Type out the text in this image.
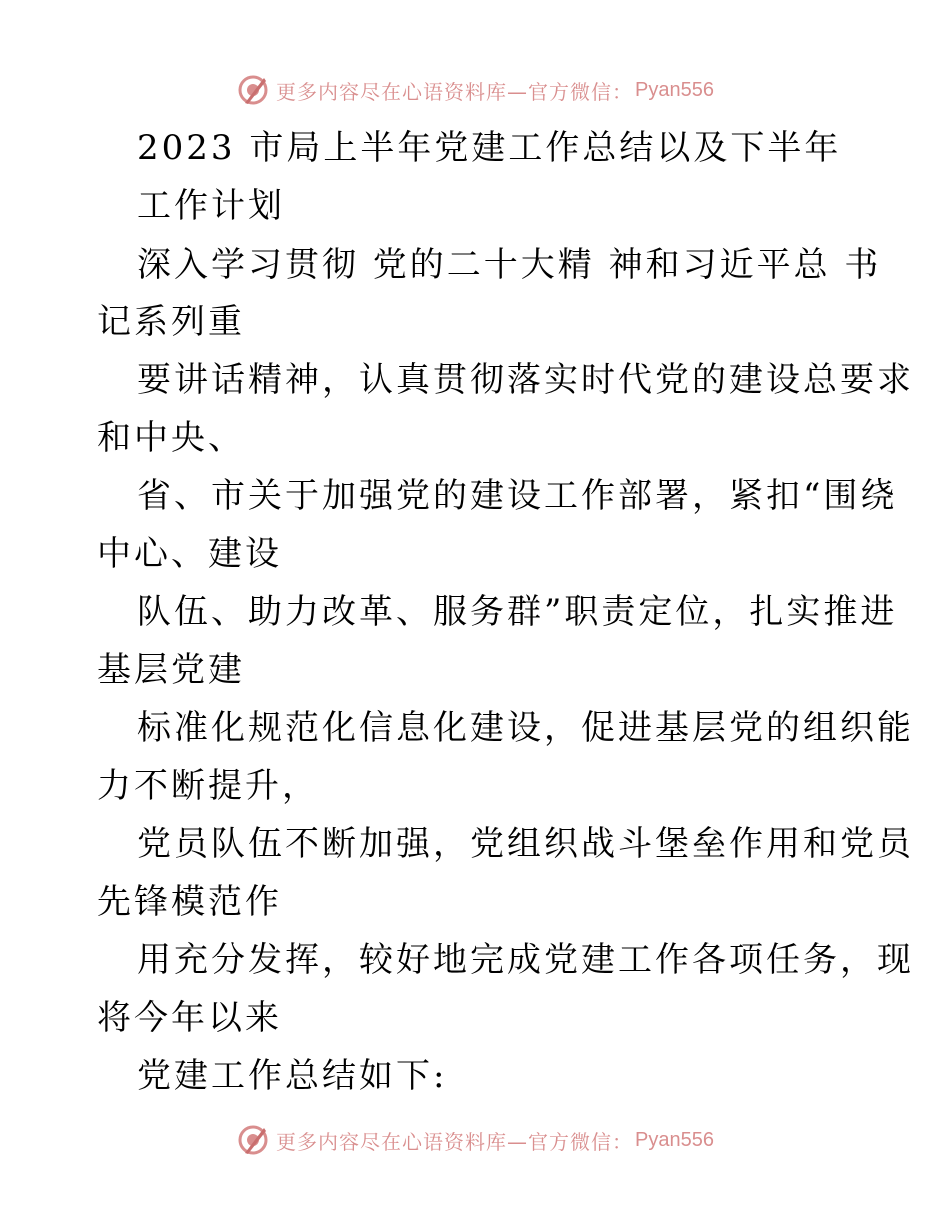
更多内容尽在心语资料库—官方微信： Pyan556
2023 市局上半年党建工作总结以及下半年
工作计划
深入学习贯彻 党的二十大精 神和习近平总 书
记系列重
要讲话精神，认真贯彻落实时代党的建设总要求
和中央、
省、市关于加强党的建设工作部署，紧扣“围绕
中心、建设
队伍、助力改革、服务群”职责定位，扎实推进
基层党建
标准化规范化信息化建设，促进基层党的组织能
力不断提升，
党员队伍不断加强，党组织战斗堡垒作用和党员
先锋模范作
用充分发挥，较好地完成党建工作各项任务，现
将今年以来
党建工作总结如下:
更多内容尽在心语资料库—官方微信： Pyan556
